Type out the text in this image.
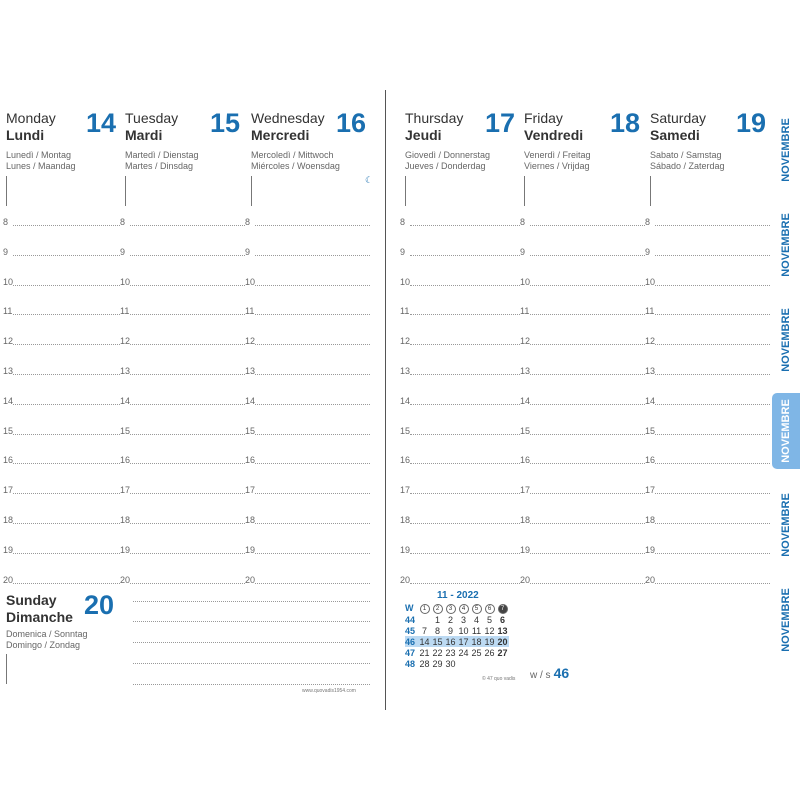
Monday
Lundi 14
Lunedì / Montag
Lunes / Maandag
Tuesday
Mardi 15
Martedì / Dienstag
Martes / Dinsdag
Wednesday
Mercredi 16
Mercoledì / Mittwoch
Miércoles / Woensdag
☾
Thursday
Jeudi 17
Giovedì / Donnerstag
Jueves / Donderdag
Friday
Vendredi 18
Venerdì / Freitag
Viernes / Vrijdag
Saturday
Samedi 19
Sabato / Samstag
Sábado / Zaterdag
8	8	8	8	8	8
9	9	9	9	9	9
10	10	10	10	10	10
11	11	11	11	11	11
12	12	12	12	12	12
13	13	13	13	13	13
14	14	14	14	14	14
15	15	15	15	15	15
16	16	16	16	16	16
17	17	17	17	17	17
18	18	18	18	18	18
19	19	19	19	19	19
20	20	20	20	20	20
NOVEMBRE
NOVEMBRE
NOVEMBRE
NOVEMBRE
NOVEMBRE
NOVEMBRE
Sunday
Dimanche 20
Domenica / Sonntag
Domingo / Zondag
www.quovadis1954.com
11 - 2022
W	1	2	3	4	5	6	7
44		1	2	3	4	5	6
45	7	8	9	10	11	12	13
46	14	15	16	17	18	19	20
47	21	22	23	24	25	26	27
48	28	29	30				
© 47 quo vadis w / s 46
